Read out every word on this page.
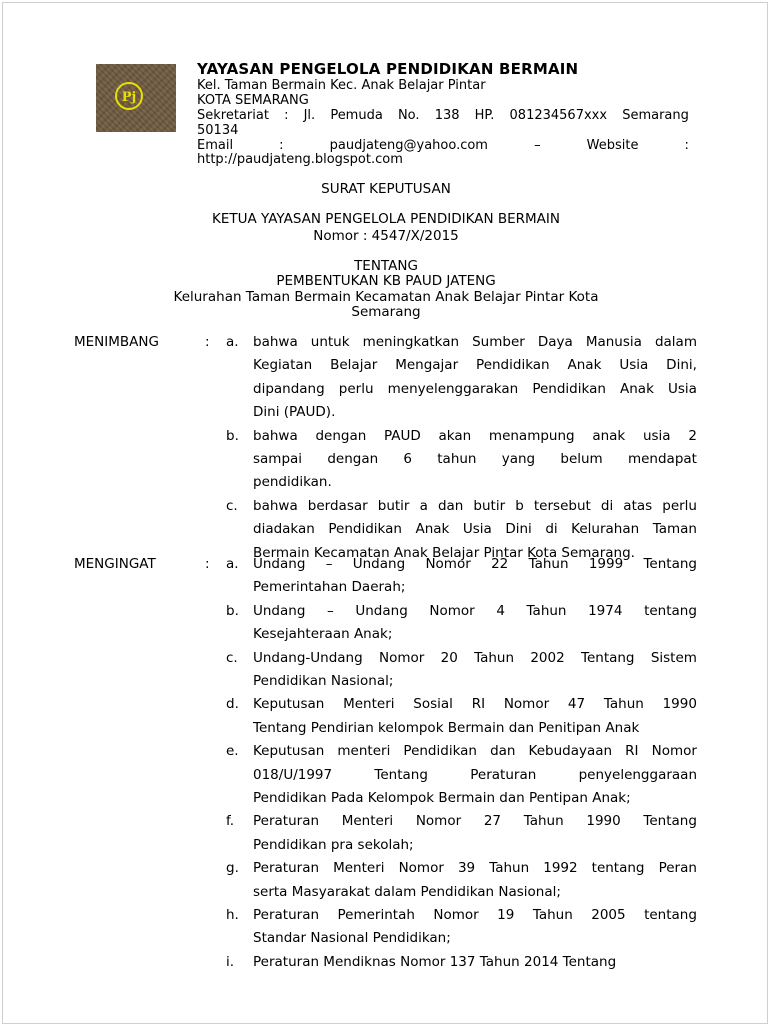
Pj
YAYASAN PENGELOLA PENDIDIKAN BERMAIN
Kel. Taman Bermain Kec. Anak Belajar Pintar
KOTA SEMARANG
Sekretariat : Jl. Pemuda No. 138 HP. 081234567xxx Semarang
50134
Email	:	paudjateng@yahoo.com	–	Website	:
http://paudjateng.blogspot.com
SURAT KEPUTUSAN
KETUA YAYASAN PENGELOLA PENDIDIKAN BERMAIN
Nomor : 4547/X/2015
TENTANG
PEMBENTUKAN KB PAUD JATENG
Kelurahan Taman Bermain Kecamatan Anak Belajar Pintar Kota
Semarang
MENIMBANG	: a. bahwa untuk meningkatkan Sumber Daya Manusia dalam
Kegiatan Belajar Mengajar Pendidikan Anak Usia Dini,
dipandang perlu menyelenggarakan Pendidikan Anak Usia
Dini (PAUD).
b. bahwa dengan PAUD akan menampung anak usia 2
sampai dengan 6 tahun yang belum mendapat
pendidikan.
c. bahwa berdasar butir a dan butir b tersebut di atas perlu
diadakan Pendidikan Anak Usia Dini di Kelurahan Taman
Bermain Kecamatan Anak Belajar Pintar Kota Semarang.
MENGINGAT	: a. Undang – Undang Nomor 22 Tahun 1999 Tentang
Pemerintahan Daerah;
b. Undang – Undang Nomor 4 Tahun 1974 tentang
Kesejahteraan Anak;
c. Undang-Undang Nomor 20 Tahun 2002 Tentang Sistem
Pendidikan Nasional;
d. Keputusan Menteri Sosial RI Nomor 47 Tahun 1990
Tentang Pendirian kelompok Bermain dan Penitipan Anak
e. Keputusan menteri Pendidikan dan Kebudayaan RI Nomor
018/U/1997	Tentang	Peraturan	penyelenggaraan
Pendidikan Pada Kelompok Bermain dan Pentipan Anak;
f. Peraturan Menteri Nomor 27 Tahun 1990 Tentang
Pendidikan pra sekolah;
g. Peraturan Menteri Nomor 39 Tahun 1992 tentang Peran
serta Masyarakat dalam Pendidikan Nasional;
h. Peraturan Pemerintah Nomor 19 Tahun 2005 tentang
Standar Nasional Pendidikan;
i. Peraturan Mendiknas Nomor 137 Tahun 2014 Tentang
